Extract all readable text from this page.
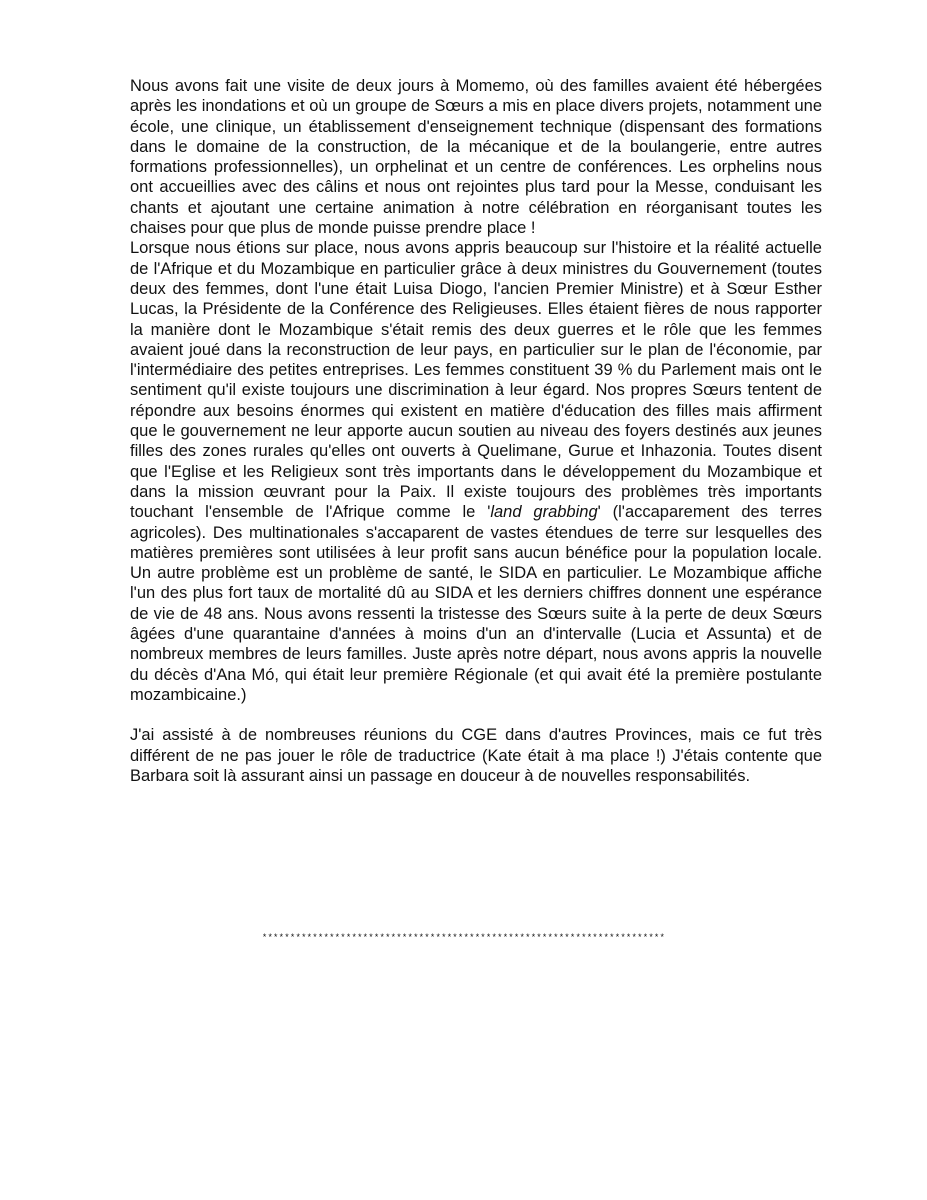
Nous avons fait une visite de deux jours à Momemo, où des familles avaient été hébergées après les inondations et où un groupe de Sœurs a mis en place divers projets, notamment une école, une clinique, un établissement d'enseignement technique (dispensant des formations dans le domaine de la construction, de la mécanique et de la boulangerie, entre autres formations professionnelles), un orphelinat et un centre de conférences. Les orphelins nous ont accueillies avec des câlins et nous ont rejointes plus tard pour la Messe, conduisant les chants et ajoutant une certaine animation à notre célébration en réorganisant toutes les chaises pour que plus de monde puisse prendre place !

Lorsque nous étions sur place, nous avons appris beaucoup sur l'histoire et la réalité actuelle de l'Afrique et du Mozambique en particulier grâce à deux ministres du Gouvernement (toutes deux des femmes, dont l'une était Luisa Diogo, l'ancien Premier Ministre) et à Sœur Esther Lucas, la Présidente de la Conférence des Religieuses. Elles étaient fières de nous rapporter la manière dont le Mozambique s'était remis des deux guerres et le rôle que les femmes avaient joué dans la reconstruction de leur pays, en particulier sur le plan de l'économie, par l'intermédiaire des petites entreprises. Les femmes constituent 39 % du Parlement mais ont le sentiment qu'il existe toujours une discrimination à leur égard. Nos propres Sœurs tentent de répondre aux besoins énormes qui existent en matière d'éducation des filles mais affirment que le gouvernement ne leur apporte aucun soutien au niveau des foyers destinés aux jeunes filles des zones rurales qu'elles ont ouverts à Quelimane, Gurue et Inhazonia. Toutes disent que l'Eglise et les Religieux sont très importants dans le développement du Mozambique et dans la mission œuvrant pour la Paix. Il existe toujours des problèmes très importants touchant l'ensemble de l'Afrique comme le 'land grabbing' (l'accaparement des terres agricoles). Des multinationales s'accaparent de vastes étendues de terre sur lesquelles des matières premières sont utilisées à leur profit sans aucun bénéfice pour la population locale. Un autre problème est un problème de santé, le SIDA en particulier. Le Mozambique affiche l'un des plus fort taux de mortalité dû au SIDA et les derniers chiffres donnent une espérance de vie de 48 ans. Nous avons ressenti la tristesse des Sœurs suite à la perte de deux Sœurs âgées d'une quarantaine d'années à moins d'un an d'intervalle (Lucia et Assunta) et de nombreux membres de leurs familles. Juste après notre départ, nous avons appris la nouvelle du décès d'Ana Mó, qui était leur première Régionale (et qui avait été la première postulante mozambicaine.)

J'ai assisté à de nombreuses réunions du CGE dans d'autres Provinces, mais ce fut très différent de ne pas jouer le rôle de traductrice (Kate était à ma place !) J'étais contente que Barbara soit là assurant ainsi un passage en douceur à de nouvelles responsabilités.

************************************************************************
